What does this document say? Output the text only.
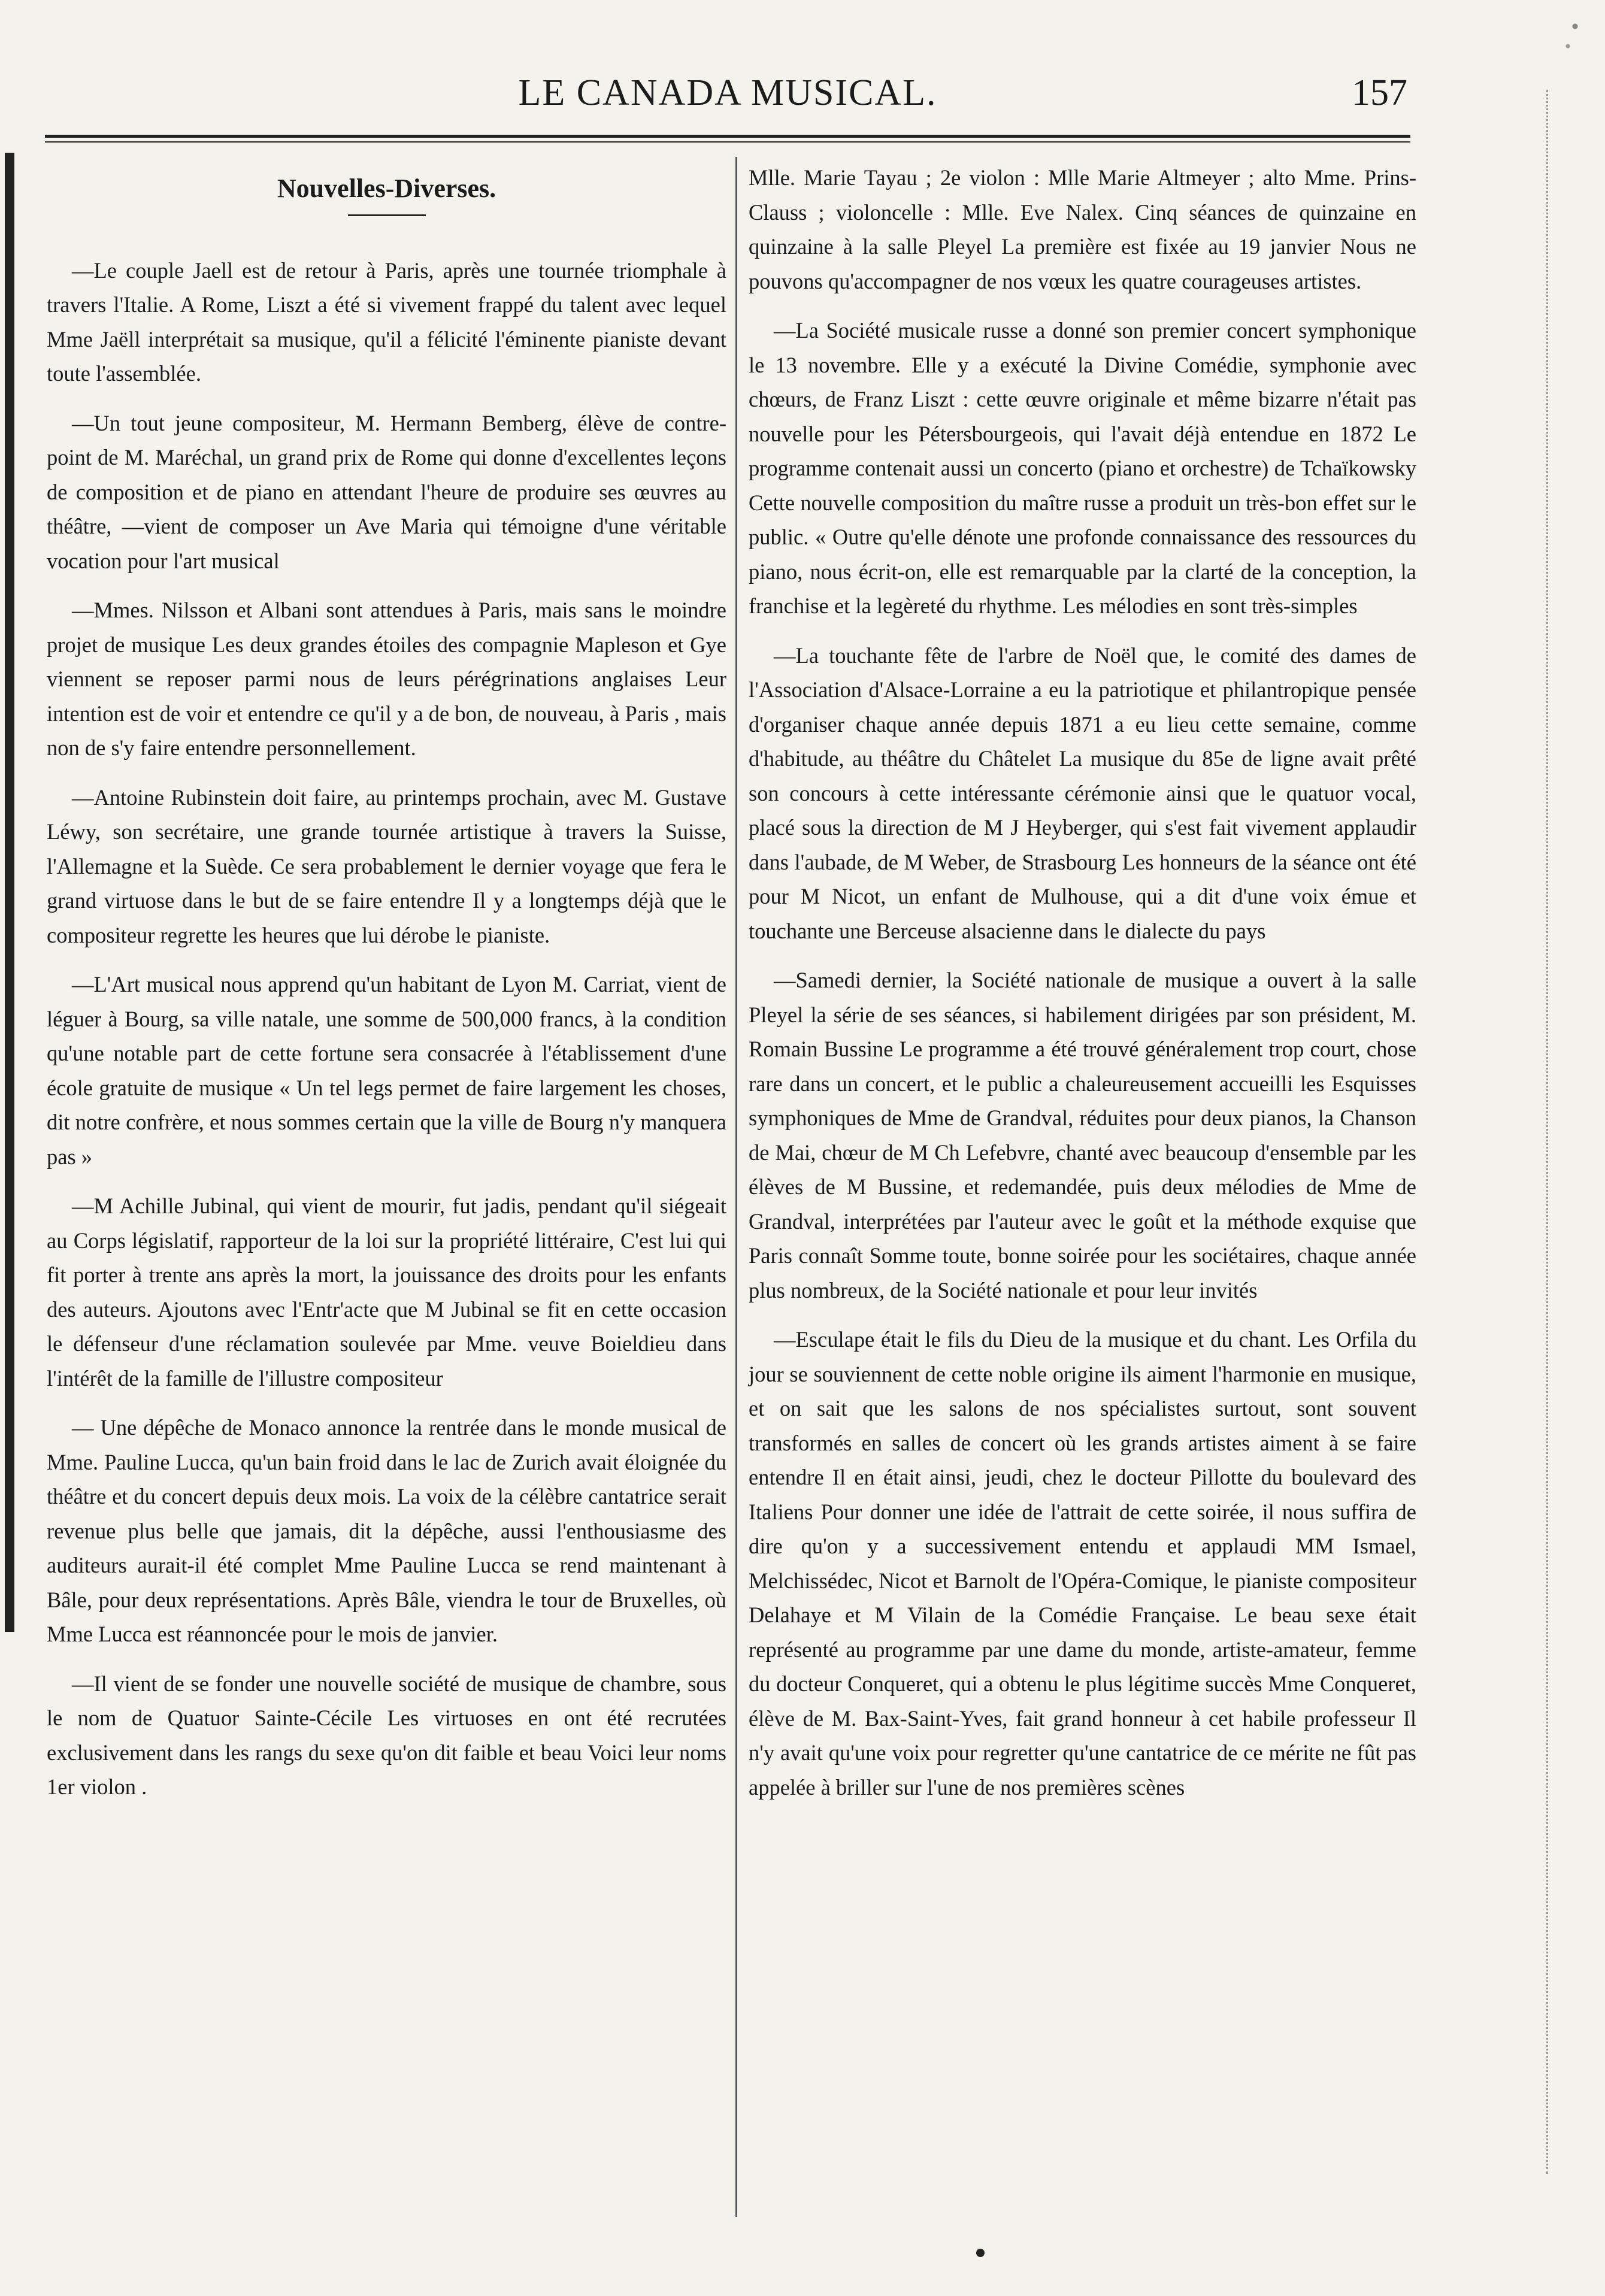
LE CANADA MUSICAL.	157
Nouvelles-Diverses.

—Le couple Jaell est de retour à Paris, après une tournée triomphale à travers l'Italie. A Rome, Liszt a été si vivement frappé du talent avec lequel Mme Jaëll interprétait sa musique, qu'il a félicité l'éminente pianiste devant toute l'assemblée.

—Un tout jeune compositeur, M. Hermann Bemberg, élève de contre-point de M. Maréchal, un grand prix de Rome qui donne d'excellentes leçons de composition et de piano en attendant l'heure de produire ses œuvres au théâtre, —vient de composer un Ave Maria qui témoigne d'une véritable vocation pour l'art musical

—Mmes. Nilsson et Albani sont attendues à Paris, mais sans le moindre projet de musique Les deux grandes étoiles des compagnie Mapleson et Gye viennent se reposer parmi nous de leurs pérégrinations anglaises Leur intention est de voir et entendre ce qu'il y a de bon, de nouveau, à Paris , mais non de s'y faire entendre personnellement.

—Antoine Rubinstein doit faire, au printemps prochain, avec M. Gustave Léwy, son secrétaire, une grande tournée artistique à travers la Suisse, l'Allemagne et la Suède. Ce sera probablement le dernier voyage que fera le grand virtuose dans le but de se faire entendre Il y a longtemps déjà que le compositeur regrette les heures que lui dérobe le pianiste.

—L'Art musical nous apprend qu'un habitant de Lyon M. Carriat, vient de léguer à Bourg, sa ville natale, une somme de 500,000 francs, à la condition qu'une notable part de cette fortune sera consacrée à l'établissement d'une école gratuite de musique « Un tel legs permet de faire largement les choses, dit notre confrère, et nous sommes certain que la ville de Bourg n'y manquera pas »

—M Achille Jubinal, qui vient de mourir, fut jadis, pendant qu'il siégeait au Corps législatif, rapporteur de la loi sur la propriété littéraire, C'est lui qui fit porter à trente ans après la mort, la jouissance des droits pour les enfants des auteurs. Ajoutons avec l'Entr'acte que M Jubinal se fit en cette occasion le défenseur d'une réclamation soulevée par Mme. veuve Boieldieu dans l'intérêt de la famille de l'illustre compositeur

— Une dépêche de Monaco annonce la rentrée dans le monde musical de Mme. Pauline Lucca, qu'un bain froid dans le lac de Zurich avait éloignée du théâtre et du concert depuis deux mois. La voix de la célèbre cantatrice serait revenue plus belle que jamais, dit la dépêche, aussi l'enthousiasme des auditeurs aurait-il été complet Mme Pauline Lucca se rend maintenant à Bâle, pour deux représentations. Après Bâle, viendra le tour de Bruxelles, où Mme Lucca est réannoncée pour le mois de janvier.

—Il vient de se fonder une nouvelle société de musique de chambre, sous le nom de Quatuor Sainte-Cécile Les virtuoses en ont été recrutées exclusivement dans les rangs du sexe qu'on dit faible et beau Voici leur noms 1er violon .

Mlle. Marie Tayau ; 2e violon : Mlle Marie Altmeyer ; alto Mme. Prins-Clauss ; violoncelle : Mlle. Eve Nalex. Cinq séances de quinzaine en quinzaine à la salle Pleyel La première est fixée au 19 janvier Nous ne pouvons qu'accompagner de nos vœux les quatre courageuses artistes.

—La Société musicale russe a donné son premier concert symphonique le 13 novembre. Elle y a exécuté la Divine Comédie, symphonie avec chœurs, de Franz Liszt : cette œuvre originale et même bizarre n'était pas nouvelle pour les Pétersbourgeois, qui l'avait déjà entendue en 1872 Le programme contenait aussi un concerto (piano et orchestre) de Tchaïkowsky Cette nouvelle composition du maître russe a produit un très-bon effet sur le public. « Outre qu'elle dénote une profonde connaissance des ressources du piano, nous écrit-on, elle est remarquable par la clarté de la conception, la franchise et la legèreté du rhythme. Les mélodies en sont très-simples

—La touchante fête de l'arbre de Noël que, le comité des dames de l'Association d'Alsace-Lorraine a eu la patriotique et philantropique pensée d'organiser chaque année depuis 1871 a eu lieu cette semaine, comme d'habitude, au théâtre du Châtelet La musique du 85e de ligne avait prêté son concours à cette intéressante cérémonie ainsi que le quatuor vocal, placé sous la direction de M J Heyberger, qui s'est fait vivement applaudir dans l'aubade, de M Weber, de Strasbourg Les honneurs de la séance ont été pour M Nicot, un enfant de Mulhouse, qui a dit d'une voix émue et touchante une Berceuse alsacienne dans le dialecte du pays

—Samedi dernier, la Société nationale de musique a ouvert à la salle Pleyel la série de ses séances, si habilement dirigées par son président, M. Romain Bussine Le programme a été trouvé généralement trop court, chose rare dans un concert, et le public a chaleureusement accueilli les Esquisses symphoniques de Mme de Grandval, réduites pour deux pianos, la Chanson de Mai, chœur de M Ch Lefebvre, chanté avec beaucoup d'ensemble par les élèves de M Bussine, et redemandée, puis deux mélodies de Mme de Grandval, interprétées par l'auteur avec le goût et la méthode exquise que Paris connaît Somme toute, bonne soirée pour les sociétaires, chaque année plus nombreux, de la Société nationale et pour leur invités

—Esculape était le fils du Dieu de la musique et du chant. Les Orfila du jour se souviennent de cette noble origine ils aiment l'harmonie en musique, et on sait que les salons de nos spécialistes surtout, sont souvent transformés en salles de concert où les grands artistes aiment à se faire entendre Il en était ainsi, jeudi, chez le docteur Pillotte du boulevard des Italiens Pour donner une idée de l'attrait de cette soirée, il nous suffira de dire qu'on y a successivement entendu et applaudi MM Ismael, Melchissédec, Nicot et Barnolt de l'Opéra-Comique, le pianiste compositeur Delahaye et M Vilain de la Comédie Française. Le beau sexe était représenté au programme par une dame du monde, artiste-amateur, femme du docteur Conqueret, qui a obtenu le plus légitime succès Mme Conqueret, élève de M. Bax-Saint-Yves, fait grand honneur à cet habile professeur Il n'y avait qu'une voix pour regretter qu'une cantatrice de ce mérite ne fût pas appelée à briller sur l'une de nos premières scènes
